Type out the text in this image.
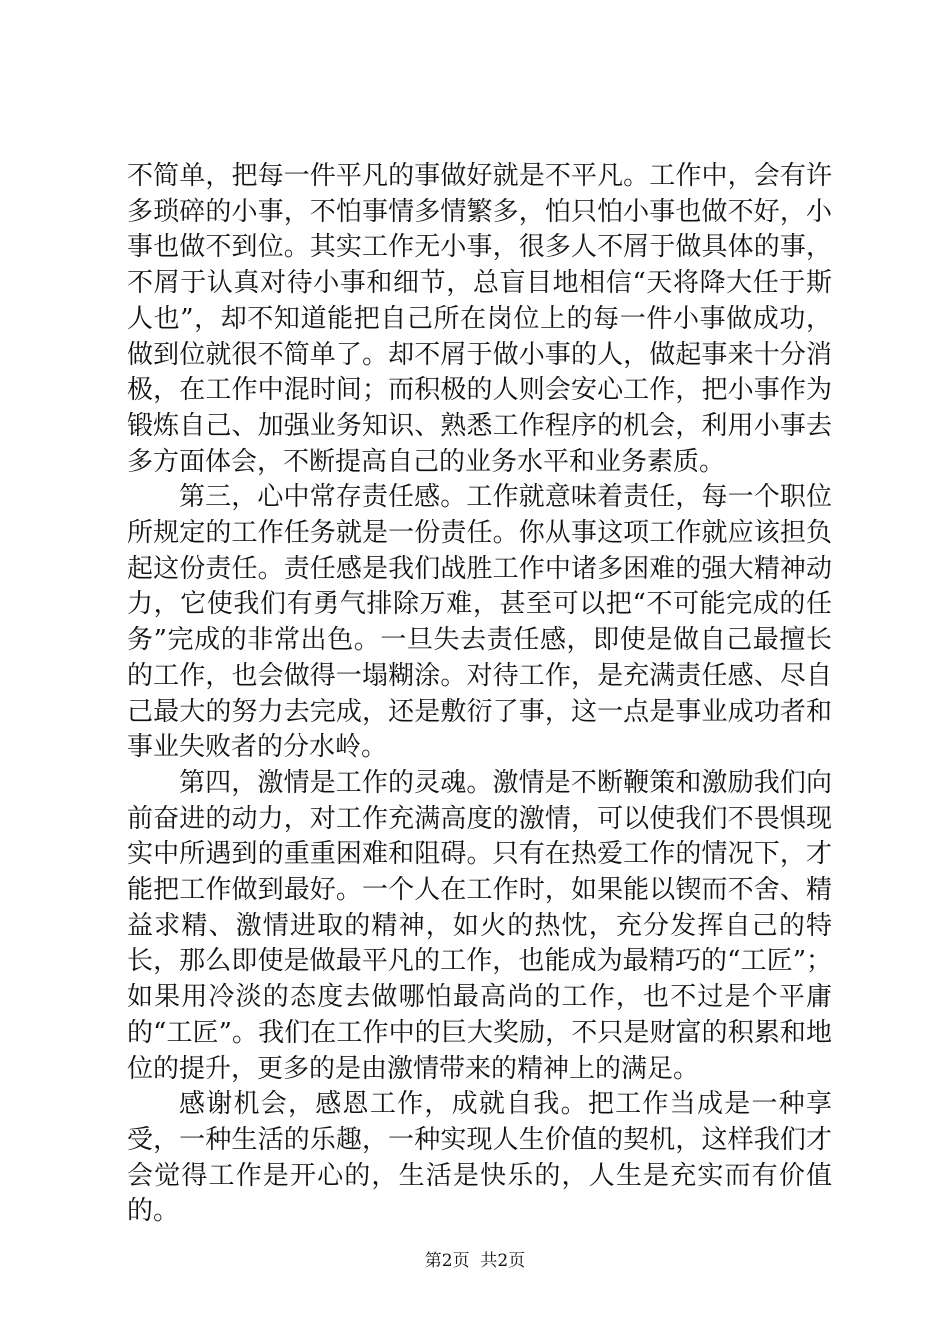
不简单，把每一件平凡的事做好就是不平凡。工作中，会有许多琐碎的小事，不怕事情多情繁多，怕只怕小事也做不好，小事也做不到位。其实工作无小事，很多人不屑于做具体的事，不屑于认真对待小事和细节，总盲目地相信“天将降大任于斯人也”，却不知道能把自己所在岗位上的每一件小事做成功，做到位就很不简单了。却不屑于做小事的人，做起事来十分消极，在工作中混时间；而积极的人则会安心工作，把小事作为锻炼自己、加强业务知识、熟悉工作程序的机会，利用小事去多方面体会，不断提高自己的业务水平和业务素质。

第三，心中常存责任感。工作就意味着责任，每一个职位所规定的工作任务就是一份责任。你从事这项工作就应该担负起这份责任。责任感是我们战胜工作中诸多困难的强大精神动力，它使我们有勇气排除万难，甚至可以把“不可能完成的任务”完成的非常出色。一旦失去责任感，即使是做自己最擅长的工作，也会做得一塌糊涂。对待工作，是充满责任感、尽自己最大的努力去完成，还是敷衍了事，这一点是事业成功者和事业失败者的分水岭。

第四，激情是工作的灵魂。激情是不断鞭策和激励我们向前奋进的动力，对工作充满高度的激情，可以使我们不畏惧现实中所遇到的重重困难和阻碍。只有在热爱工作的情况下，才能把工作做到最好。一个人在工作时，如果能以锲而不舍、精益求精、激情进取的精神，如火的热忱，充分发挥自己的特长，那么即使是做最平凡的工作，也能成为最精巧的“工匠”；如果用冷淡的态度去做哪怕最高尚的工作，也不过是个平庸的“工匠”。我们在工作中的巨大奖励，不只是财富的积累和地位的提升，更多的是由激情带来的精神上的满足。

感谢机会，感恩工作，成就自我。把工作当成是一种享受，一种生活的乐趣，一种实现人生价值的契机，这样我们才会觉得工作是开心的，生活是快乐的，人生是充实而有价值的。

第2页  共2页
